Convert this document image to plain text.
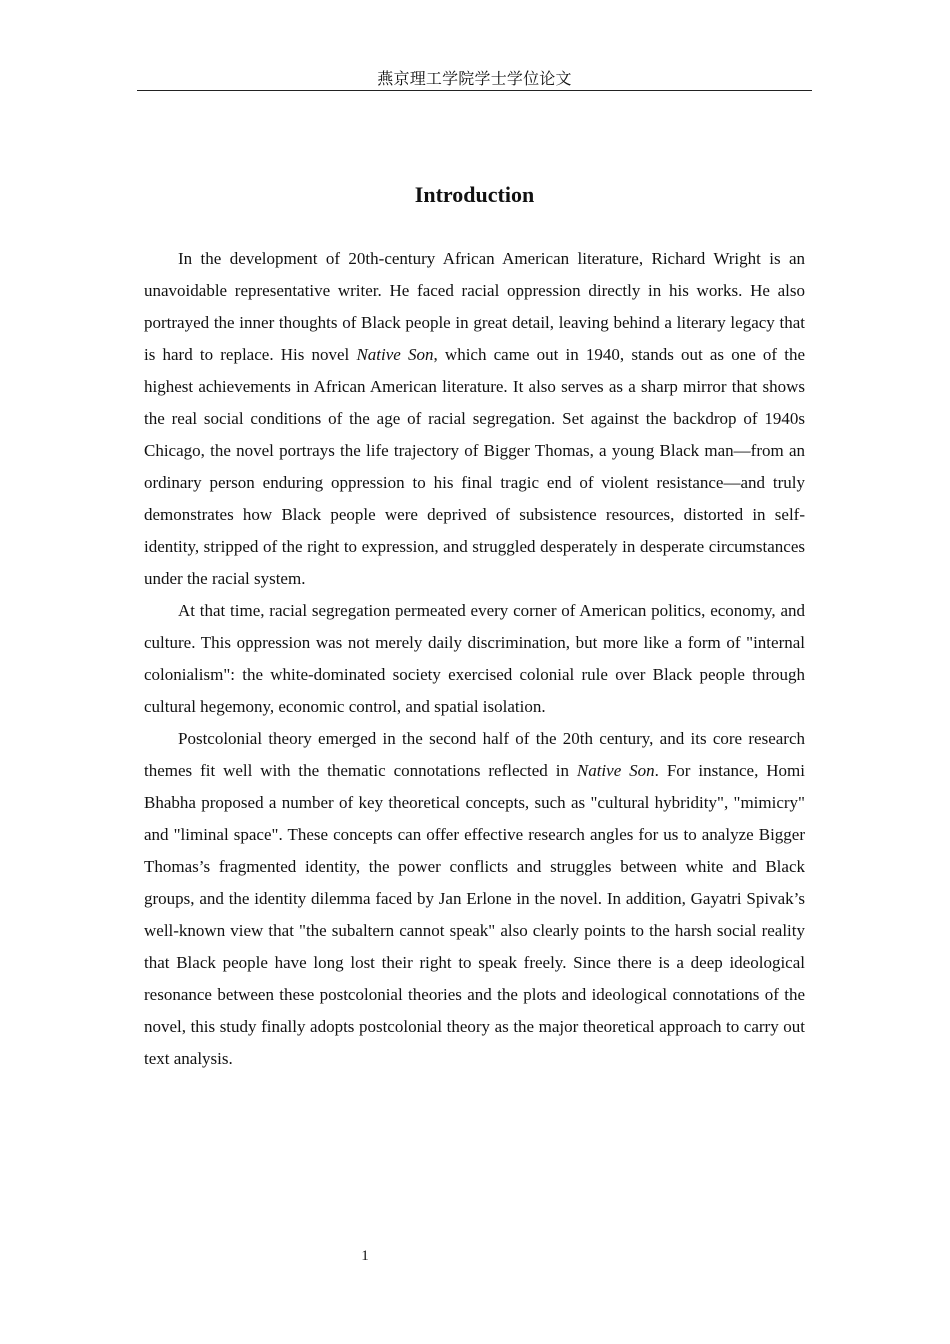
燕京理工学院学士学位论文
Introduction

In the development of 20th-century African American literature, Richard Wright is an unavoidable representative writer. He faced racial oppression directly in his works. He also portrayed the inner thoughts of Black people in great detail, leaving behind a literary legacy that is hard to replace. His novel Native Son, which came out in 1940, stands out as one of the highest achievements in African American literature. It also serves as a sharp mirror that shows the real social conditions of the age of racial segregation. Set against the backdrop of 1940s Chicago, the novel portrays the life trajectory of Bigger Thomas, a young Black man—from an ordinary person enduring oppression to his final tragic end of violent resistance—and truly demonstrates how Black people were deprived of subsistence resources, distorted in self-identity, stripped of the right to expression, and struggled desperately in desperate circumstances under the racial system.

At that time, racial segregation permeated every corner of American politics, economy, and culture. This oppression was not merely daily discrimination, but more like a form of "internal colonialism": the white-dominated society exercised colonial rule over Black people through cultural hegemony, economic control, and spatial isolation.

Postcolonial theory emerged in the second half of the 20th century, and its core research themes fit well with the thematic connotations reflected in Native Son. For instance, Homi Bhabha proposed a number of key theoretical concepts, such as "cultural hybridity", "mimicry" and "liminal space". These concepts can offer effective research angles for us to analyze Bigger Thomas’s fragmented identity, the power conflicts and struggles between white and Black groups, and the identity dilemma faced by Jan Erlone in the novel. In addition, Gayatri Spivak’s well-known view that "the subaltern cannot speak" also clearly points to the harsh social reality that Black people have long lost their right to speak freely. Since there is a deep ideological resonance between these postcolonial theories and the plots and ideological connotations of the novel, this study finally adopts postcolonial theory as the major theoretical approach to carry out text analysis.

1
